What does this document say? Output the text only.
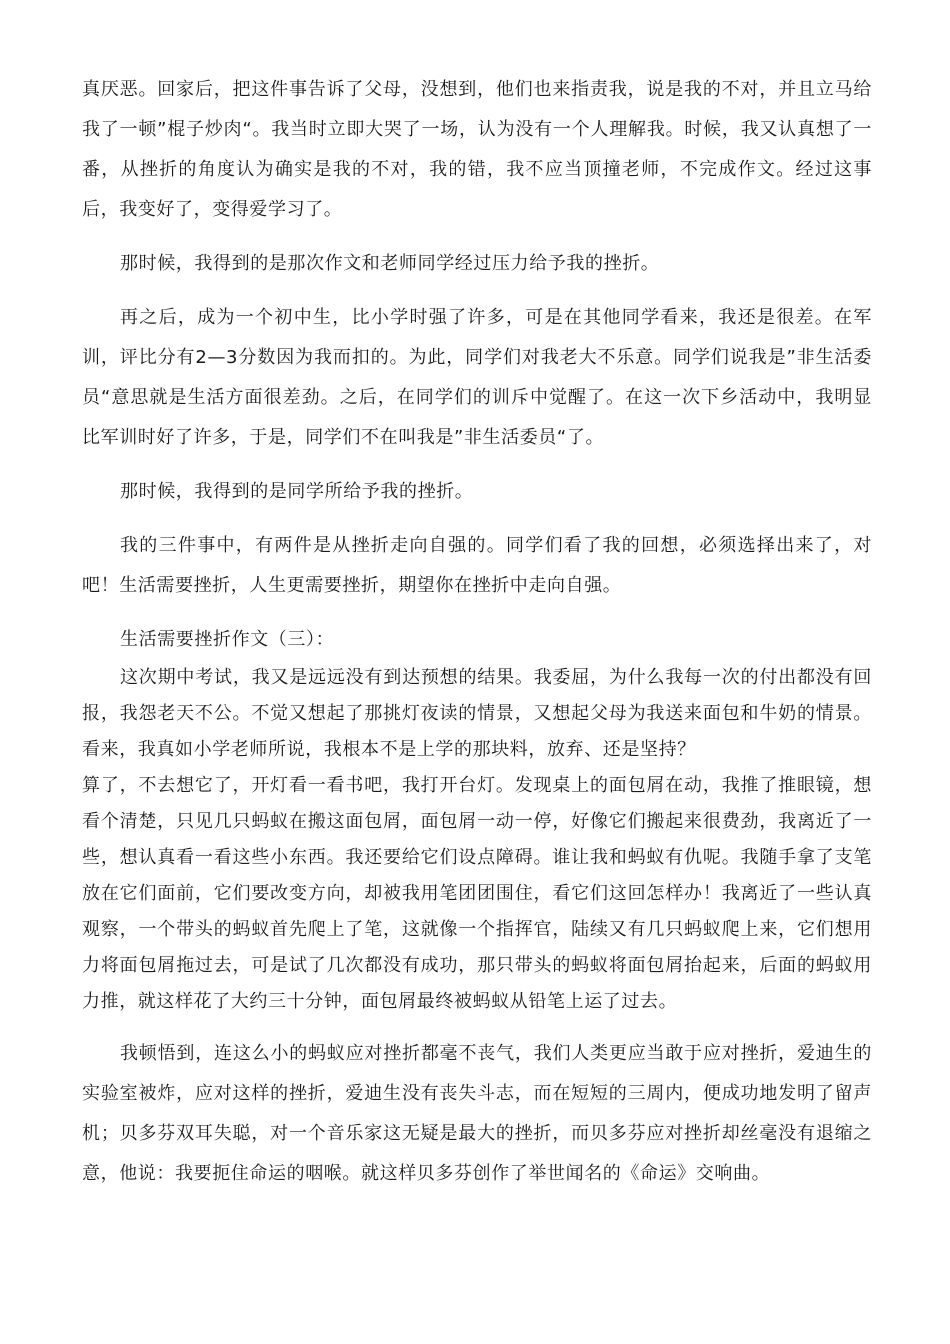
真厌恶。回家后，把这件事告诉了父母，没想到，他们也来指责我，说是我的不对，并且立马给我了一顿”棍子炒肉“。我当时立即大哭了一场，认为没有一个人理解我。时候，我又认真想了一番，从挫折的角度认为确实是我的不对，我的错，我不应当顶撞老师，不完成作文。经过这事后，我变好了，变得爱学习了。

那时候，我得到的是那次作文和老师同学经过压力给予我的挫折。

再之后，成为一个初中生，比小学时强了许多，可是在其他同学看来，我还是很差。在军训，评比分有2—3分数因为我而扣的。为此，同学们对我老大不乐意。同学们说我是”非生活委员“意思就是生活方面很差劲。之后，在同学们的训斥中觉醒了。在这一次下乡活动中，我明显比军训时好了许多，于是，同学们不在叫我是”非生活委员“了。

那时候，我得到的是同学所给予我的挫折。

我的三件事中，有两件是从挫折走向自强的。同学们看了我的回想，必须选择出来了，对吧！生活需要挫折，人生更需要挫折，期望你在挫折中走向自强。

生活需要挫折作文（三）：

这次期中考试，我又是远远没有到达预想的结果。我委屈，为什么我每一次的付出都没有回报，我怨老天不公。不觉又想起了那挑灯夜读的情景，又想起父母为我送来面包和牛奶的情景。看来，我真如小学老师所说，我根本不是上学的那块料，放弃、还是坚持？

算了，不去想它了，开灯看一看书吧，我打开台灯。发现桌上的面包屑在动，我推了推眼镜，想看个清楚，只见几只蚂蚁在搬这面包屑，面包屑一动一停，好像它们搬起来很费劲，我离近了一些，想认真看一看这些小东西。我还要给它们设点障碍。谁让我和蚂蚁有仇呢。我随手拿了支笔放在它们面前，它们要改变方向，却被我用笔团团围住，看它们这回怎样办！我离近了一些认真观察，一个带头的蚂蚁首先爬上了笔，这就像一个指挥官，陆续又有几只蚂蚁爬上来，它们想用力将面包屑拖过去，可是试了几次都没有成功，那只带头的蚂蚁将面包屑抬起来，后面的蚂蚁用力推，就这样花了大约三十分钟，面包屑最终被蚂蚁从铅笔上运了过去。

我顿悟到，连这么小的蚂蚁应对挫折都毫不丧气，我们人类更应当敢于应对挫折，爱迪生的实验室被炸，应对这样的挫折，爱迪生没有丧失斗志，而在短短的三周内，便成功地发明了留声机；贝多芬双耳失聪，对一个音乐家这无疑是最大的挫折，而贝多芬应对挫折却丝毫没有退缩之意，他说：我要扼住命运的咽喉。就这样贝多芬创作了举世闻名的《命运》交响曲。
